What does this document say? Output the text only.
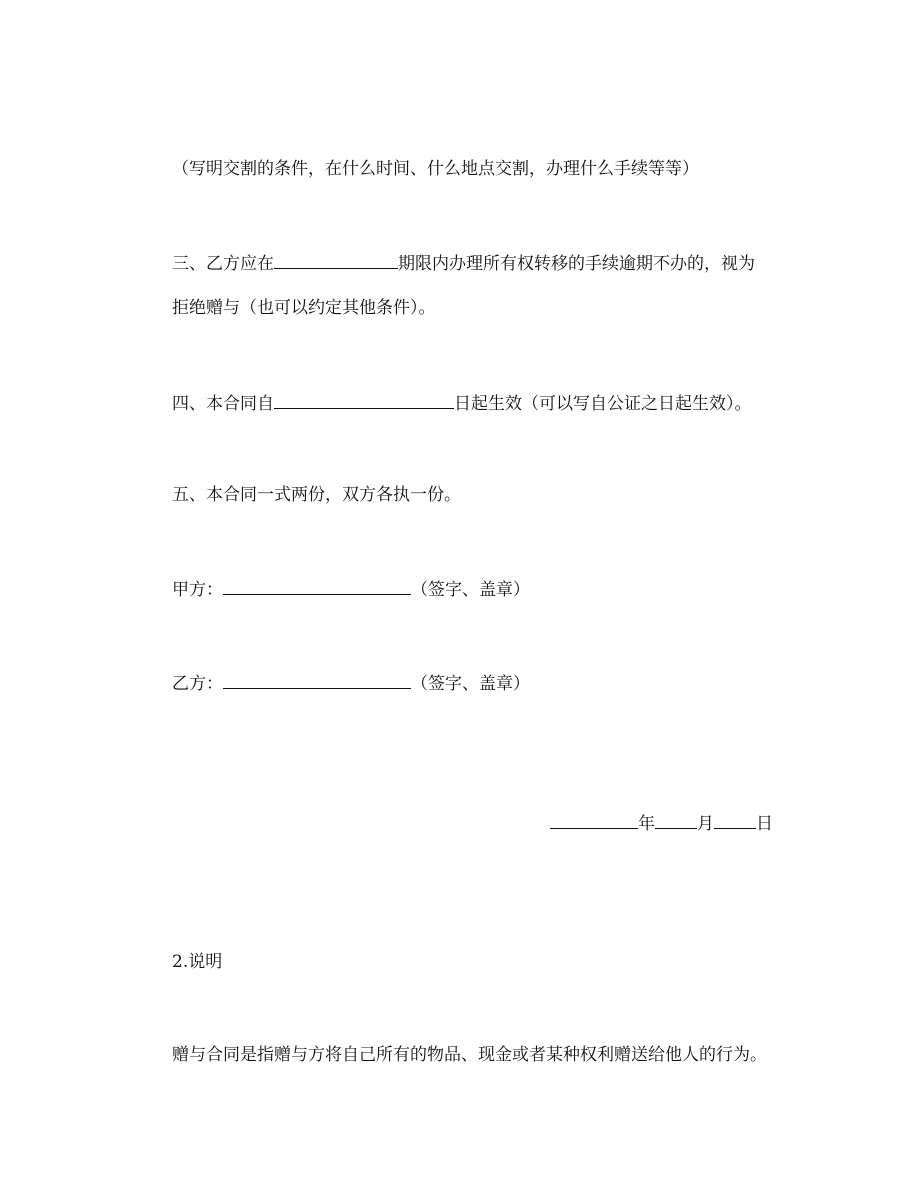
（写明交割的条件，在什么时间、什么地点交割，办理什么手续等等）
三、乙方应在	期限内办理所有权转移的手续逾期不办的，视为
拒绝赠与（也可以约定其他条件）。
四、本合同自	日起生效（可以写自公证之日起生效）。
五、本合同一式两份，双方各执一份。
甲方：	（签字、盖章）
乙方：	（签字、盖章）
年 月 日
2.说明
赠与合同是指赠与方将自己所有的物品、现金或者某种权利赠送给他人的行为。
